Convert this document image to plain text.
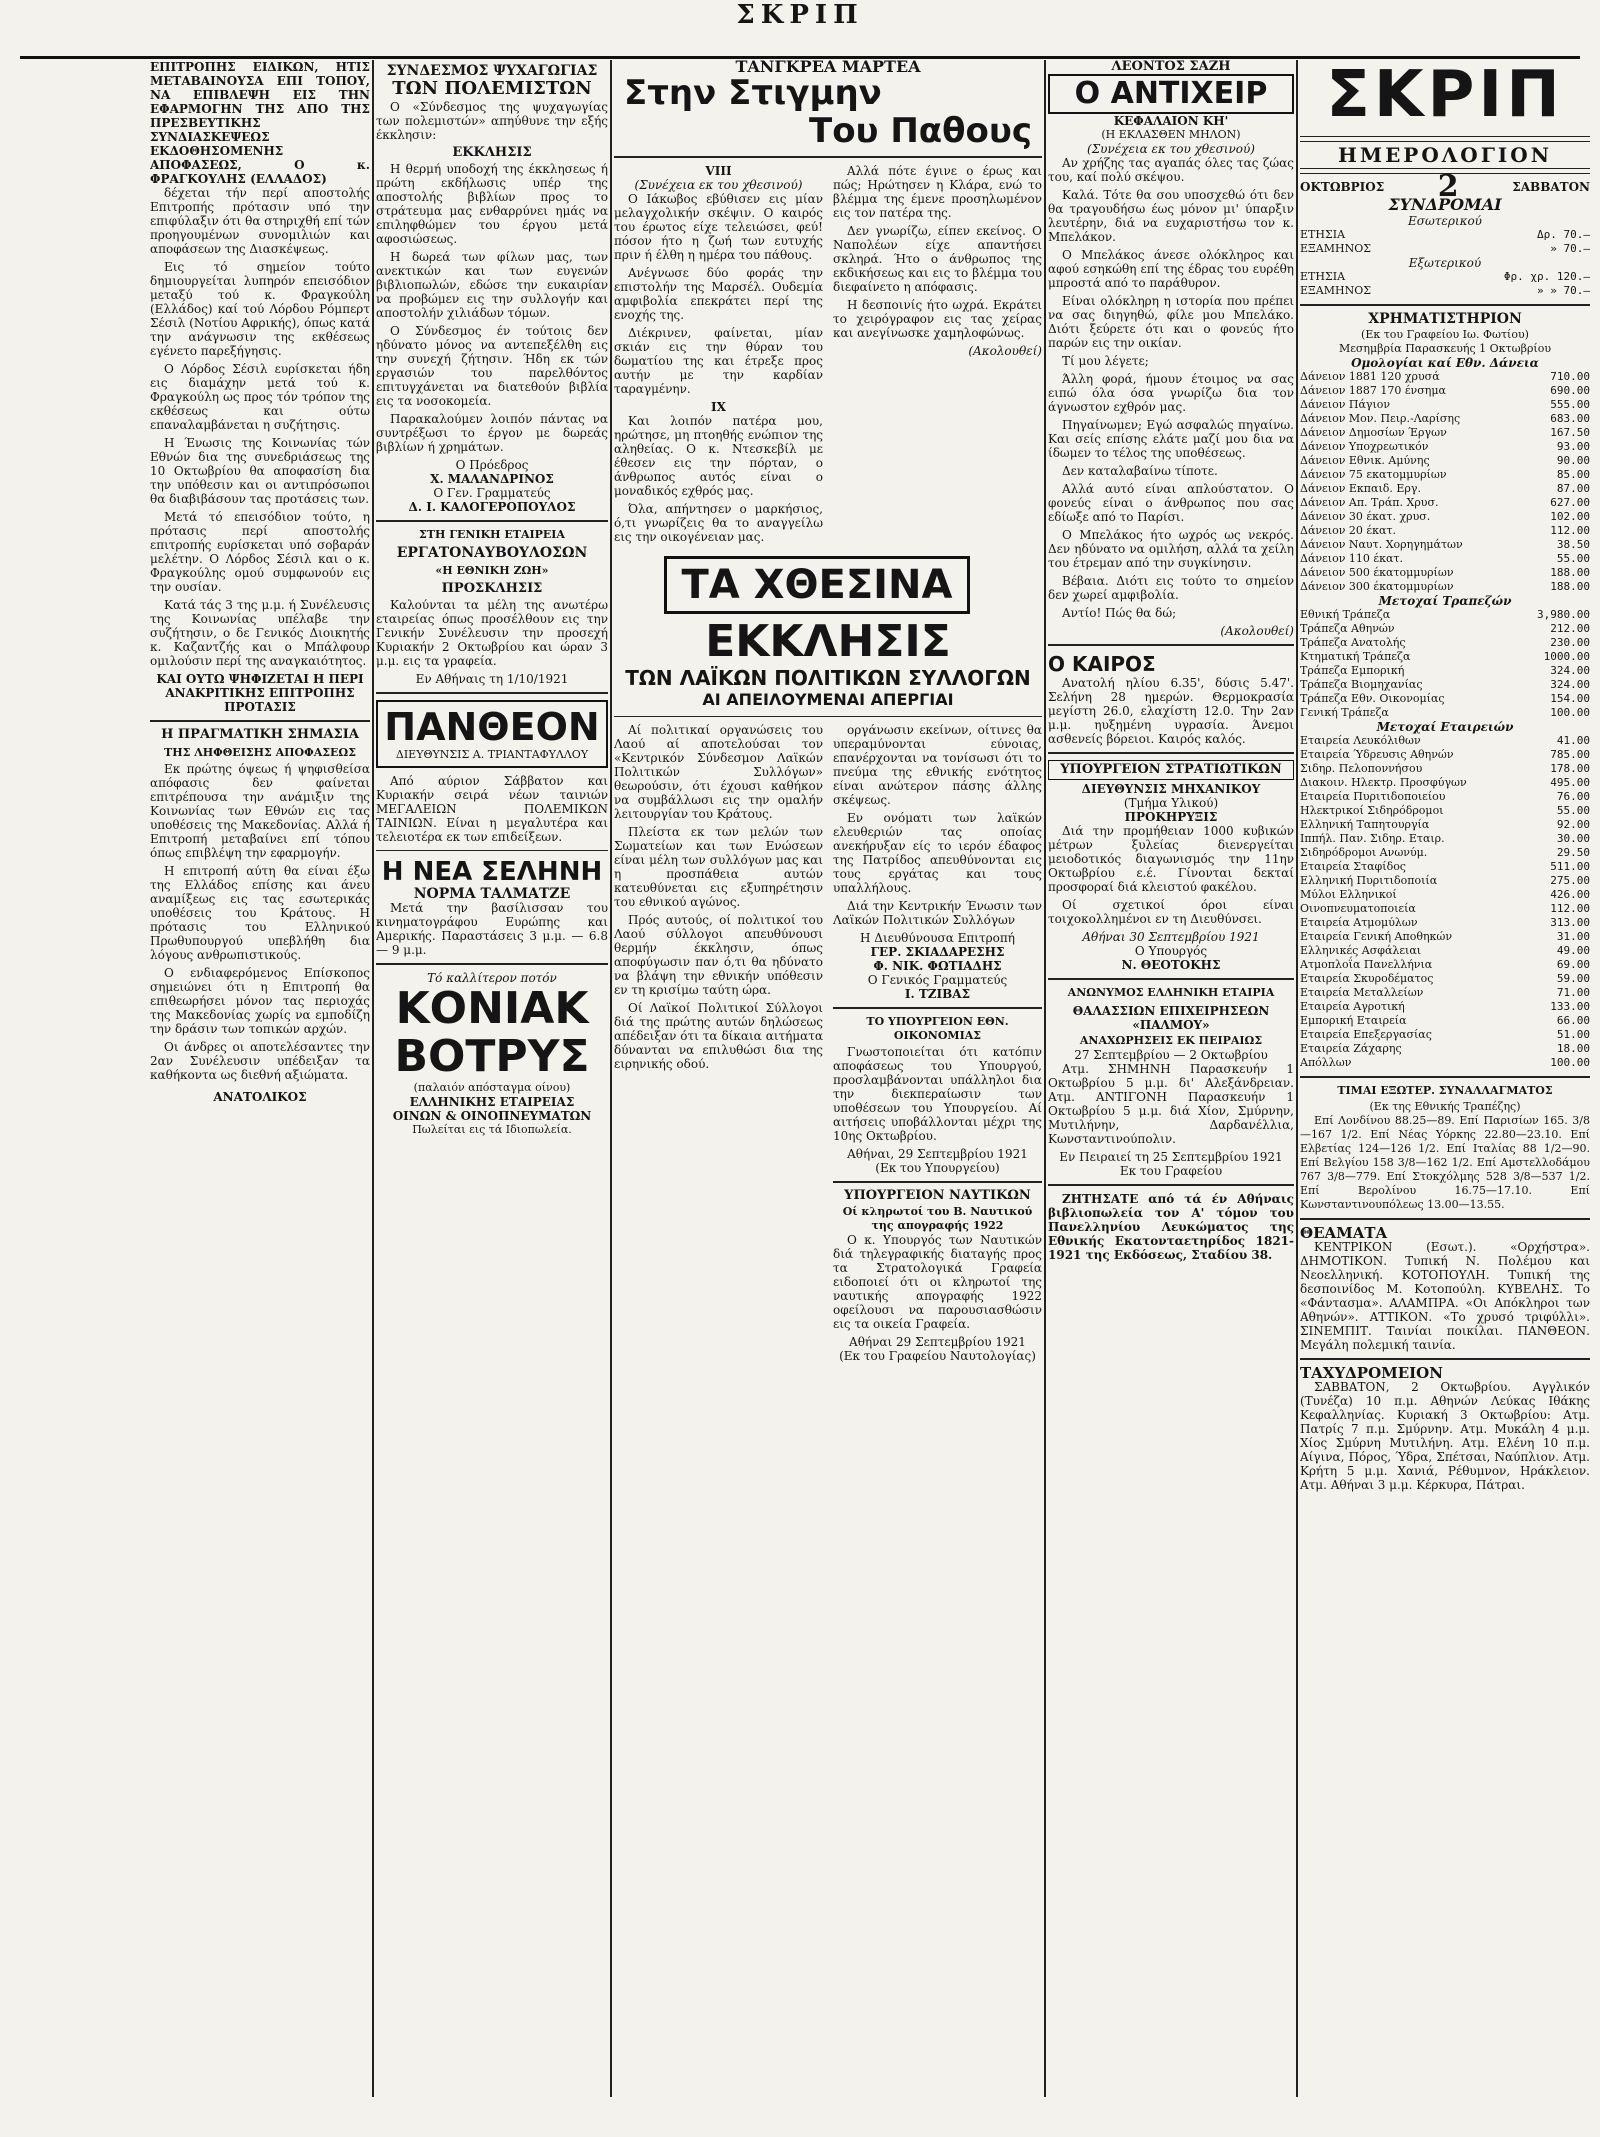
ΣΚΡΙΠ
ΕΠΙΤΡΟΠΗΣ ΕΙΔΙΚΩΝ, ΗΤΙΣ ΜΕΤΑΒΑΙΝΟΥΣΑ ΕΠΙ ΤΟΠΟΥ, ΝΑ ΕΠΙΒΛΕΨΗ ΕΙΣ ΤΗΝ ΕΦΑΡΜΟΓΗΝ ΤΗΣ ΑΠΟ ΤΗΣ ΠΡΕΣΒΕΥΤΙΚΗΣ ΣΥΝΔΙΑΣΚΕΨΕΩΣ ΕΚΔΟΘΗΣΟΜΕΝΗΣ ΑΠΟΦΑΣΕΩΣ, Ο κ. ΦΡΑΓΚΟΥΛΗΣ (ΕΛΛΑΔΟΣ)

δέχεται τήν περί αποστολής Επιτροπής πρότασιν υπό την επιφύλαξιν ότι θα στηριχθή επί τών προηγουμένων συνομιλιών και αποφάσεων της Διασκέψεως.

Εις τό σημείον τούτο δημιουργείται λυπηρόν επεισόδιον μεταξύ τού κ. Φραγκούλη (Ελλάδος) καί τού Λόρδου Ρόμπερτ Σέσιλ (Νοτίου Αφρικής), όπως κατά την ανάγνωσιν της εκθέσεως εγένετο παρεξήγησις.

Ο Λόρδος Σέσιλ ευρίσκεται ήδη εις διαμάχην μετά τού κ. Φραγκούλη ως προς τόν τρόπον της εκθέσεως και ούτω επαναλαμβάνεται η συζήτησις.

Η Ένωσις της Κοινωνίας τών Εθνών δια της συνεδριάσεως της 10 Οκτωβρίου θα αποφασίση δια την υπόθεσιν και οι αντιπρόσωποι θα διαβιβάσουν τας προτάσεις των.

Μετά τό επεισόδιον τούτο, η πρότασις περί αποστολής επιτροπής ευρίσκεται υπό σοβαράν μελέτην. Ο Λόρδος Σέσιλ και ο κ. Φραγκούλης ομού συμφωνούν εις την ουσίαν.

Κατά τάς 3 της μ.μ. ή Συνέλευσις της Κοινωνίας υπέλαβε την συζήτησιν, ο δε Γενικός Διοικητής κ. Καζαντζής και ο Μπάλφουρ ομιλούσιν περί της αναγκαιότητος.

ΚΑΙ ΟΥΤΩ ΨΗΦΙΖΕΤΑΙ Η ΠΕΡΙ ΑΝΑΚΡΙΤΙΚΗΣ ΕΠΙΤΡΟΠΗΣ ΠΡΟΤΑΣΙΣ
Η ΠΡΑΓΜΑΤΙΚΗ ΣΗΜΑΣΙΑ
ΤΗΣ ΛΗΦΘΕΙΣΗΣ ΑΠΟΦΑΣΕΩΣ

Εκ πρώτης όψεως ή ψηφισθείσα απόφασις δεν φαίνεται επιτρέπουσα την ανάμιξιν της Κοινωνίας των Εθνών εις τας υποθέσεις της Μακεδονίας. Αλλά ή Επιτροπή μεταβαίνει επί τόπου όπως επιβλέψη την εφαρμογήν.

Η επιτροπή αύτη θα είναι έξω της Ελλάδος επίσης και άνευ αναμίξεως εις τας εσωτερικάς υποθέσεις του Κράτους. Η πρότασις του Ελληνικού Πρωθυπουργού υπεβλήθη δια λόγους ανθρωπιστικούς.

Ο ενδιαφερόμενος Επίσκοπος σημειώνει ότι η Επιτροπή θα επιθεωρήσει μόνον τας περιοχάς της Μακεδονίας χωρίς να εμποδίζη την δράσιν των τοπικών αρχών.

Οι άνδρες οι αποτελέσαντες την 2αν Συνέλευσιν υπέδειξαν τα καθήκοντα ως διεθνή αξιώματα.

ΑΝΑΤΟΛΙΚΟΣ
ΣΥΝΔΕΣΜΟΣ ΨΥΧΑΓΩΓΙΑΣ
ΤΩΝ ΠΟΛΕΜΙΣΤΩΝ

Ο «Σύνδεσμος της ψυχαγωγίας των πολεμιστών» απηύθυνε την εξής έκκλησιν:

ΕΚΚΛΗΣΙΣ

Η θερμή υποδοχή της έκκλησεως ή πρώτη εκδήλωσις υπέρ της αποστολής βιβλίων προς το στράτευμα μας ενθαρρύνει ημάς να επιληφθώμεν του έργου μετά αφοσιώσεως.

Η δωρεά των φίλων μας, των ανεκτικών και των ευγενών βιβλιοπωλών, εδώσε την ευκαιρίαν να προβώμεν εις την συλλογήν και αποστολήν χιλιάδων τόμων.

Ο Σύνδεσμος έν τούτοις δεν ηδύνατο μόνος να αντεπεξέλθη εις την συνεχή ζήτησιν. Ήδη εκ τών εργασιών του παρελθόντος επιτυγχάνεται να διατεθούν βιβλία εις τα νοσοκομεία.

Παρακαλούμεν λοιπόν πάντας να συντρέξωσι το έργον με δωρεάς βιβλίων ή χρημάτων.

Ο Πρόεδρος
Χ. ΜΑΛΑΝΔΡΙΝΟΣ
Ο Γεν. Γραμματεύς
Δ. Ι. ΚΑΛΟΓΕΡΟΠΟΥΛΟΣ
ΣΤΗ ΓΕΝΙΚΗ ΕΤΑΙΡΕΙΑ
ΕΡΓΑΤΟΝΑΥΒΟΥΛΟΣΩΝ
«Η ΕΘΝΙΚΗ ΖΩΗ»
ΠΡΟΣΚΛΗΣΙΣ

Καλούνται τα μέλη της ανωτέρω εταιρείας όπως προσέλθουν εις την Γενικήν Συνέλευσιν την προσεχή Κυριακήν 2 Οκτωβρίου και ώραν 3 μ.μ. εις τα γραφεία.

Εν Αθήναις τη 1/10/1921
ΠΑΝΘΕΟΝ
ΔΙΕΥΘΥΝΣΙΣ Α. ΤΡΙΑΝΤΑΦΥΛΛΟΥ

Από αύριον Σάββατον και Κυριακήν σειρά νέων ταινιών ΜΕΓΑΛΕΙΩΝ ΠΟΛΕΜΙΚΩΝ ΤΑΙΝΙΩΝ. Είναι η μεγαλυτέρα και τελειοτέρα εκ των επιδείξεων.

Η ΝΕΑ ΣΕΛΗΝΗ
ΝΟΡΜΑ ΤΑΛΜΑΤΖΕ

Μετά την βασίλισσαν του κινηματογράφου Ευρώπης και Αμερικής. Παραστάσεις 3 μ.μ. — 6.8 — 9 μ.μ.

Τό καλλίτερον ποτόν
ΚΟΝΙΑΚ
ΒΟΤΡΥΣ
(παλαιόν απόσταγμα οίνου)
ΕΛΛΗΝΙΚΗΣ ΕΤΑΙΡΕΙΑΣ
ΟΙΝΩΝ & ΟΙΝΟΠΝΕΥΜΑΤΩΝ
Πωλείται εις τά Ιδιοπωλεία.
ΤΑΝΓΚΡΕΑ ΜΑΡΤΕΑ
Στην Στιγμην
Του Παθους
VIII
(Συνέχεια εκ του χθεσινού)

Ο Ιάκωβος εβύθισεν εις μίαν μελαγχολικήν σκέψιν. Ο καιρός του έρωτος είχε τελειώσει, φεύ! πόσον ήτο η ζωή των ευτυχής πριν ή έλθη η ημέρα του πάθους.

Ανέγνωσε δύο φοράς την επιστολήν της Μαρσέλ. Ουδεμία αμφιβολία επεκράτει περί της ενοχής της.

Διέκρινεν, φαίνεται, μίαν σκιάν εις την θύραν του δωματίου της και έτρεξε προς αυτήν με την καρδίαν ταραγμένην.

IX

Και λοιπόν πατέρα μου, ηρώτησε, μη πτοηθής ενώπιον της αληθείας. Ο κ. Ντεσκεβίλ με έθεσεν εις την πόρταν, ο άνθρωπος αυτός είναι ο μοναδικός εχθρός μας.

Όλα, απήντησεν ο μαρκήσιος, ό,τι γνωρίζεις θα το αναγγείλω εις την οικογένειαν μας.

Αλλά πότε έγινε ο έρως και πώς; Ηρώτησεν η Κλάρα, ενώ το βλέμμα της έμενε προσηλωμένον εις τον πατέρα της.

Δεν γνωρίζω, είπεν εκείνος. Ο Ναπολέων είχε απαντήσει σκληρά. Ήτο ο άνθρωπος της εκδικήσεως και εις το βλέμμα του διεφαίνετο η απόφασις.

Η δεσποινίς ήτο ωχρά. Εκράτει το χειρόγραφον εις τας χείρας και ανεγίνωσκε χαμηλοφώνως.

(Ακολουθεί)
ΤΑ ΧΘΕΣΙΝΑ
ΕΚΚΛΗΣΙΣ
ΤΩΝ ΛΑΪΚΩΝ ΠΟΛΙΤΙΚΩΝ ΣΥΛΛΟΓΩΝ
ΑΙ ΑΠΕΙΛΟΥΜΕΝΑΙ ΑΠΕΡΓΙΑΙ

Αί πολιτικαί οργανώσεις του Λαού αί αποτελούσαι τον «Κεντρικόν Σύνδεσμον Λαϊκών Πολιτικών Συλλόγων» θεωρούσιν, ότι έχουσι καθήκον να συμβάλλωσι εις την ομαλήν λειτουργίαν του Κράτους.

Πλείστα εκ των μελών των Σωματείων και των Ενώσεων είναι μέλη των συλλόγων μας και η προσπάθεια αυτών κατευθύνεται εις εξυπηρέτησιν του εθνικού αγώνος.

Πρός αυτούς, οί πολιτικοί του Λαού σύλλογοι απευθύνουσι θερμήν έκκλησιν, όπως αποφύγωσιν παν ό,τι θα ηδύνατο να βλάψη την εθνικήν υπόθεσιν εν τη κρισίμω ταύτη ώρα.

Οί Λαϊκοί Πολιτικοί Σύλλογοι διά της πρώτης αυτών δηλώσεως απέδειξαν ότι τα δίκαια αιτήματα δύνανται να επιλυθώσι δια της ειρηνικής οδού.

οργάνωσιν εκείνων, οίτινες θα υπεραμύνονται εύνοιας, επανέρχονται να τονίσωσι ότι το πνεύμα της εθνικής ενότητος είναι ανώτερον πάσης άλλης σκέψεως.

Εν ονόματι των λαϊκών ελευθεριών τας οποίας ανεκήρυξαν είς το ιερόν έδαφος της Πατρίδος απευθύνονται εις τους εργάτας και τους υπαλλήλους.

Διά την Κεντρικήν Ένωσιν των Λαϊκών Πολιτικών Συλλόγων

Η Διευθύνουσα Επιτροπή
ΓΕΡ. ΣΚΙΑΔΑΡΕΣΗΣ
Φ. ΝΙΚ. ΦΩΤΙΑΔΗΣ
Ο Γενικός Γραμματεύς
Ι. ΤΖΙΒΑΣ
ΤΟ ΥΠΟΥΡΓΕΙΟΝ ΕΘΝ. ΟΙΚΟΝΟΜΙΑΣ

Γνωστοποιείται ότι κατόπιν αποφάσεως του Υπουργού, προσλαμβάνονται υπάλληλοι δια την διεκπεραίωσιν των υποθέσεων του Υπουργείου. Αί αιτήσεις υποβάλλονται μέχρι της 10ης Οκτωβρίου.

Αθήναι, 29 Σεπτεμβρίου 1921
(Εκ του Υπουργείου)
ΥΠΟΥΡΓΕΙΟΝ ΝΑΥΤΙΚΩΝ
Οί κληρωτοί του Β. Ναυτικού της απογραφής 1922

Ο κ. Υπουργός των Ναυτικών διά τηλεγραφικής διαταγής προς τα Στρατολογικά Γραφεία ειδοποιεί ότι οι κληρωτοί της ναυτικής απογραφής 1922 οφείλουσι να παρουσιασθώσιν εις τα οικεία Γραφεία.

Αθήναι 29 Σεπτεμβρίου 1921
(Εκ του Γραφείου Ναυτολογίας)
ΛΕΟΝΤΟΣ ΣΑΖΗ
Ο ΑΝΤΙΧΕΙΡ
ΚΕΦΑΛΑΙΟΝ ΚΗ'
(Η ΕΚΛΑΣΘΕΝ ΜΗΛΟΝ)
(Συνέχεια εκ του χθεσινού)

Αν χρήζης τας αγαπάς όλες τας ζώας του, καί πολύ σκέψου.

Καλά. Τότε θα σου υποσχεθώ ότι δεν θα τραγουδήσω έως μόνον μι' ύπαρξιν λευτέρην, διά να ευχαριστήσω τον κ. Μπελάκον.

Ο Μπελάκος άνεσε ολόκληρος και αφού εσηκώθη επί της έδρας του ευρέθη μπροστά από το παράθυρον.

Είναι ολόκληρη η ιστορία που πρέπει να σας διηγηθώ, φίλε μου Μπελάκο. Διότι ξεύρετε ότι και ο φονεύς ήτο παρών εις την οικίαν.

Τί μου λέγετε;

Άλλη φορά, ήμουν έτοιμος να σας ειπώ όλα όσα γνωρίζω δια τον άγνωστον εχθρόν μας.

Πηγαίνωμεν; Εγώ ασφαλώς πηγαίνω. Και σείς επίσης ελάτε μαζί μου δια να ίδωμεν το τέλος της υποθέσεως.

Δεν καταλαβαίνω τίποτε.

Αλλά αυτό είναι απλούστατον. Ο φονεύς είναι ο άνθρωπος που σας εδίωξε από το Παρίσι.

Ο Μπελάκος ήτο ωχρός ως νεκρός. Δεν ηδύνατο να ομιλήση, αλλά τα χείλη του έτρεμαν από την συγκίνησιν.

Βέβαια. Διότι εις τούτο το σημείον δεν χωρεί αμφιβολία.

Αντίο! Πώς θα δώ;

(Ακολουθεί)
Ο ΚΑΙΡΟΣ

Ανατολή ηλίου 6.35', δύσις 5.47'. Σελήνη 28 ημερών. Θερμοκρασία μεγίστη 26.0, ελαχίστη 12.0. Την 2αν μ.μ. ηυξημένη υγρασία. Άνεμοι ασθενείς βόρειοι. Καιρός καλός.

ΥΠΟΥΡΓΕΙΟΝ ΣΤΡΑΤΙΩΤΙΚΩΝ
ΔΙΕΥΘΥΝΣΙΣ ΜΗΧΑΝΙΚΟΥ
(Τμήμα Υλικού)
ΠΡΟΚΗΡΥΞΙΣ

Διά την προμήθειαν 1000 κυβικών μέτρων ξυλείας διενεργείται μειοδοτικός διαγωνισμός την 11ην Οκτωβρίου ε.έ. Γίνονται δεκταί προσφοραί διά κλειστού φακέλου.

Οί σχετικοί όροι είναι τοιχοκολλημένοι εν τη Διευθύνσει.

Αθήναι 30 Σεπτεμβρίου 1921
Ο Υπουργός
Ν. ΘΕΟΤΟΚΗΣ
ΑΝΩΝΥΜΟΣ ΕΛΛΗΝΙΚΗ ΕΤΑΙΡΙΑ
ΘΑΛΑΣΣΙΩΝ ΕΠΙΧΕΙΡΗΣΕΩΝ «ΠΑΛΜΟΥ»
ΑΝΑΧΩΡΗΣΕΙΣ ΕΚ ΠΕΙΡΑΙΩΣ
27 Σεπτεμβρίου — 2 Οκτωβρίου

Ατμ. ΣΗΜΗΝΗ Παρασκευήν 1 Οκτωβρίου 5 μ.μ. δι' Αλεξάνδρειαν. Ατμ. ΑΝΤΙΓΟΝΗ Παρασκευήν 1 Οκτωβρίου 5 μ.μ. διά Χίον, Σμύρνην, Μυτιλήνην, Δαρδανέλλια, Κωνσταντινούπολιν.

Εν Πειραιεί τη 25 Σεπτεμβρίου 1921
Εκ του Γραφείου

ΖΗΤΗΣΑΤΕ από τά έν Αθήναις βιβλιοπωλεία τον Α' τόμον του Πανελληνίου Λευκώματος της Εθνικής Εκατονταετηρίδος 1821-1921 της Εκδόσεως, Σταδίου 38.

ΣΚΡΙΠ
ΗΜΕΡΟΛΟΓΙΟΝ
ΟΚΤΩΒΡΙΟΣ 2	ΣΑΒΒΑΤΟΝ
ΣΥΝΔΡΟΜΑΙ
Εσωτερικού
ΕΤΗΣΙΑ	Δρ. 70.—
ΕΞΑΜΗΝΟΣ	» 70.—
Εξωτερικού
ΕΤΗΣΙΑ	Φρ. χρ. 120.—
ΕΞΑΜΗΝΟΣ	» » 70.—
ΧΡΗΜΑΤΙΣΤΗΡΙΟΝ
(Εκ του Γραφείου Ιω. Φωτίου)
Μεσημβρία Παρασκευής 1 Οκτωβρίου
Ομολογίαι καί Εθν. Δάνεια
Δάνειον 1881 120 χρυσά	710.00
Δάνειον 1887 170 ένσημα	690.00
Δάνειον Πάγιον	555.00
Δάνειον Μον. Πειρ.-Λαρίσης	683.00
Δάνειον Δημοσίων Έργων	167.50
Δάνειον Υποχρεωτικόν	93.00
Δάνειον Εθνικ. Αμύνης	90.00
Δάνειον 75 εκατομμυρίων	85.00
Δάνειον Εκπαιδ. Εργ.	87.00
Δάνειον Απ. Τράπ. Χρυσ.	627.00
Δάνειον 30 έκατ. χρυσ.	102.00
Δάνειον 20 έκατ.	112.00
Δάνειον Ναυτ. Χορηγημάτων	38.50
Δάνειον 110 έκατ.	55.00
Δάνειον 500 έκατομμυρίων	188.00
Δάνειον 300 έκατομμυρίων	188.00
Μετοχαί Τραπεζών
Εθνική Τράπεζα	3,980.00
Τράπεζα Αθηνών	212.00
Τράπεζα Ανατολής	230.00
Κτηματική Τράπεζα	1000.00
Τράπεζα Εμπορική	324.00
Τράπεζα Βιομηχανίας	324.00
Τράπεζα Εθν. Οικονομίας	154.00
Γενική Τράπεζα	100.00
Μετοχαί Εταιρειών
Εταιρεία Λευκόλιθων	41.00
Εταιρεία Ύδρευσις Αθηνών	785.00
Σιδηρ. Πελοποννήσου	178.00
Διακοιν. Ηλεκτρ. Προσφύγων	495.00
Εταιρεία Πυριτιδοποιείου	76.00
Ηλεκτρικοί Σιδηρόδρομοι	55.00
Ελληνική Ταπητουργία	92.00
Ιππήλ. Παν. Σιδηρ. Εταιρ.	30.00
Σιδηρόδρομοι Ανωνύμ.	29.50
Εταιρεία Σταφίδος	511.00
Ελληνική Πυριτιδοποιία	275.00
Μύλοι Ελληνικοί	426.00
Οινοπνευματοποιεία	112.00
Εταιρεία Ατμομύλων	313.00
Εταιρεία Γενική Αποθηκών	31.00
Ελληνικές Ασφάλειαι	49.00
Ατμοπλοΐα Πανελλήνια	69.00
Εταιρεία Σκυροδέματος	59.00
Εταιρεία Μεταλλείων	71.00
Εταιρεία Αγροτική	133.00
Εμπορική Εταιρεία	66.00
Εταιρεία Επεξεργασίας	51.00
Εταιρεία Ζάχαρης	18.00
Απόλλων	100.00
ΤΙΜΑΙ ΕΞΩΤΕΡ. ΣΥΝΑΛΛΑΓΜΑΤΟΣ
(Εκ της Εθνικής Τραπέζης)

Επί Λονδίνου 88.25—89. Επί Παρισίων 165. 3/8—167 1/2. Επί Νέας Υόρκης 22.80—23.10. Επί Ελβετίας 124—126 1/2. Επί Ιταλίας 88 1/2—90. Επί Βελγίου 158 3/8—162 1/2. Επί Αμστελλοδάμου 767 3/8—779. Επί Στοκχόλμης 528 3/8—537 1/2. Επί Βερολίνου 16.75—17.10. Επί Κωνσταντινουπόλεως 13.00—13.55.

ΘΕΑΜΑΤΑ

ΚΕΝΤΡΙΚΟΝ (Εσωτ.). «Ορχήστρα». ΔΗΜΟΤΙΚΟΝ. Τυπική Ν. Πολέμου και Νεοελληνική. ΚΟΤΟΠΟΥΛΗ. Τυπική της δεσποινίδος Μ. Κοτοπούλη. ΚΥΒΕΛΗΣ. Το «Φάντασμα». ΑΛΑΜΠΡΑ. «Οι Απόκληροι των Αθηνών». ΑΤΤΙΚΟΝ. «Το χρυσό τριφύλλι». ΣΙΝΕΜΠΙΤ. Ταινίαι ποικίλαι. ΠΑΝΘΕΟΝ. Μεγάλη πολεμική ταινία.

ΤΑΧΥΔΡΟΜΕΙΟΝ

ΣΑΒΒΑΤΟΝ, 2 Οκτωβρίου. Αγγλικόν (Τυνέζα) 10 π.μ. Αθηνών Λεύκας Ιθάκης Κεφαλληνίας. Κυριακή 3 Οκτωβρίου: Ατμ. Πατρίς 7 π.μ. Σμύρνην. Ατμ. Μυκάλη 4 μ.μ. Χίος Σμύρνη Μυτιλήνη. Ατμ. Ελένη 10 π.μ. Αίγινα, Πόρος, Ύδρα, Σπέτσαι, Ναύπλιον. Ατμ. Κρήτη 5 μ.μ. Χανιά, Ρέθυμνον, Ηράκλειον. Ατμ. Αθήναι 3 μ.μ. Κέρκυρα, Πάτραι.
